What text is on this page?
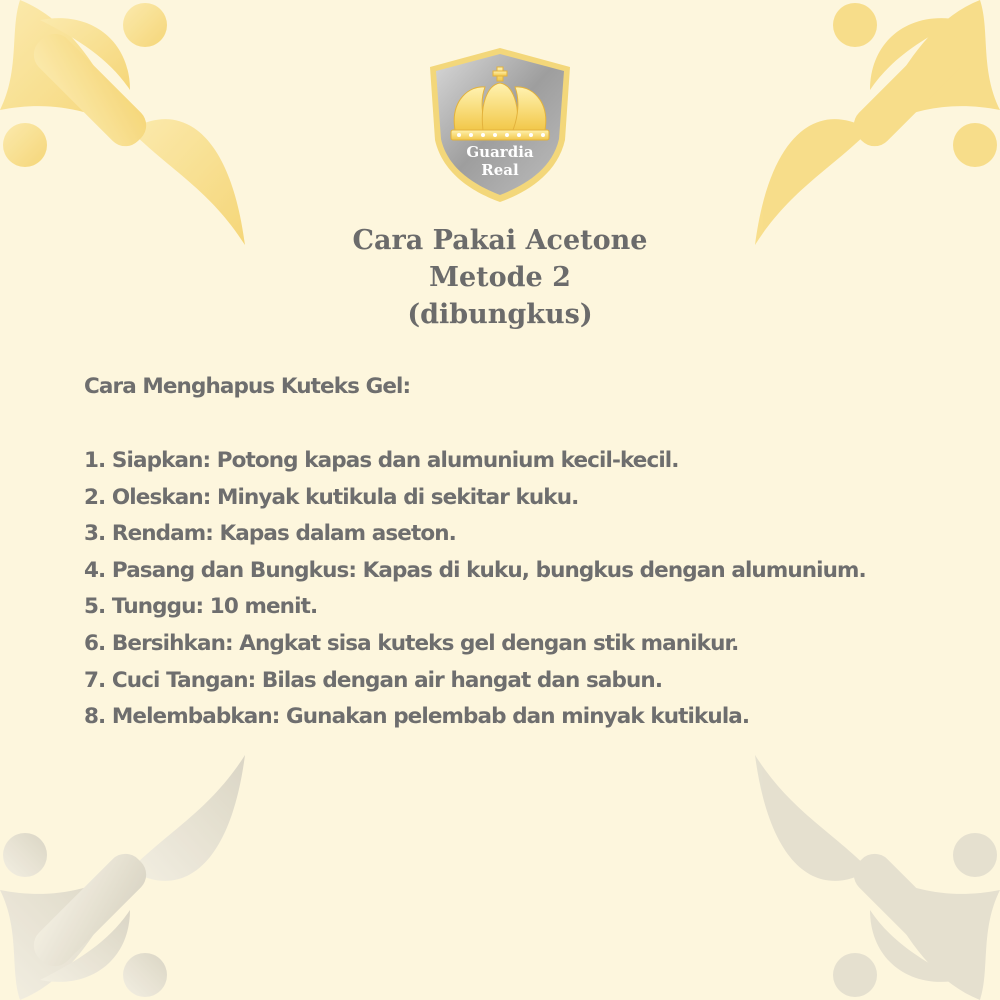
Guardia
Real
Cara Pakai Acetone
Metode 2
(dibungkus)
Cara Menghapus Kuteks Gel:
1. Siapkan: Potong kapas dan alumunium kecil-kecil.
2. Oleskan: Minyak kutikula di sekitar kuku.
3. Rendam: Kapas dalam aseton.
4. Pasang dan Bungkus: Kapas di kuku, bungkus dengan alumunium.
5. Tunggu: 10 menit.
6. Bersihkan: Angkat sisa kuteks gel dengan stik manikur.
7. Cuci Tangan: Bilas dengan air hangat dan sabun.
8. Melembabkan: Gunakan pelembab dan minyak kutikula.
